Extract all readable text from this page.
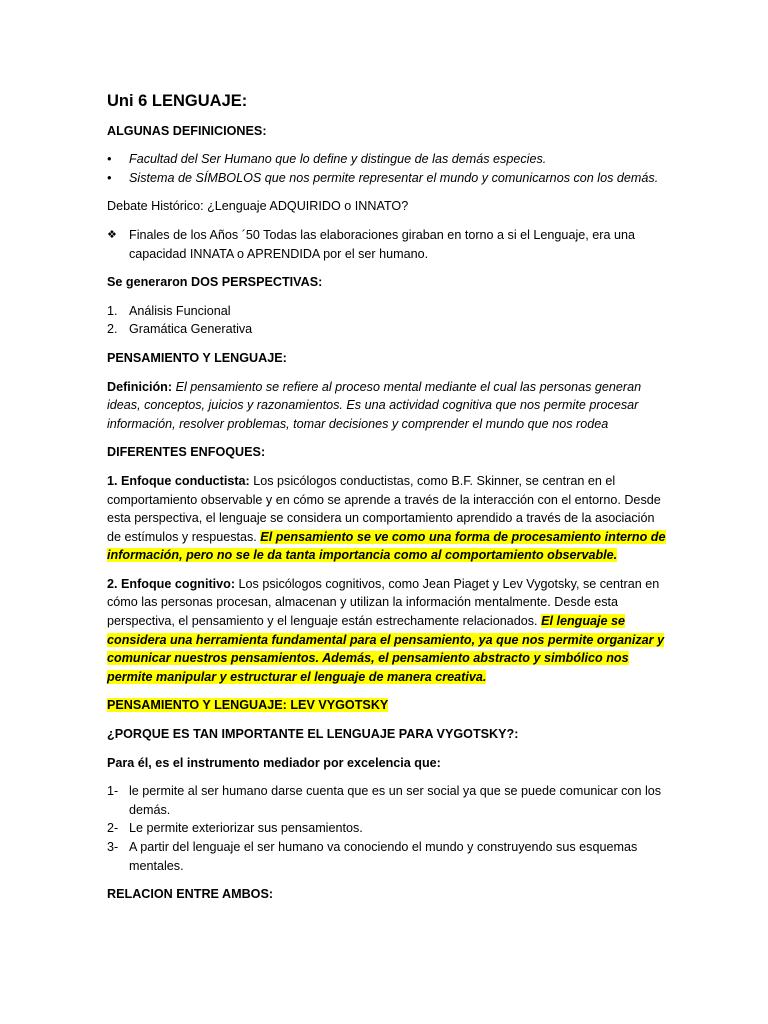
Uni 6 LENGUAJE:

ALGUNAS DEFINICIONES:

• Facultad del Ser Humano que lo define y distingue de las demás especies.
• Sistema de SÍMBOLOS que nos permite representar el mundo y comunicarnos con los demás.

Debate Histórico: ¿Lenguaje ADQUIRIDO o INNATO?

❖ Finales de los Años ´50 Todas las elaboraciones giraban en torno a si el Lenguaje, era una capacidad INNATA o APRENDIDA por el ser humano.

Se generaron DOS PERSPECTIVAS:

1. Análisis Funcional
2. Gramática Generativa

PENSAMIENTO Y LENGUAJE:

Definición: El pensamiento se refiere al proceso mental mediante el cual las personas generan ideas, conceptos, juicios y razonamientos. Es una actividad cognitiva que nos permite procesar información, resolver problemas, tomar decisiones y comprender el mundo que nos rodea

DIFERENTES ENFOQUES:

1. Enfoque conductista: Los psicólogos conductistas, como B.F. Skinner, se centran en el comportamiento observable y en cómo se aprende a través de la interacción con el entorno. Desde esta perspectiva, el lenguaje se considera un comportamiento aprendido a través de la asociación de estímulos y respuestas. El pensamiento se ve como una forma de procesamiento interno de información, pero no se le da tanta importancia como al comportamiento observable.

2. Enfoque cognitivo: Los psicólogos cognitivos, como Jean Piaget y Lev Vygotsky, se centran en cómo las personas procesan, almacenan y utilizan la información mentalmente. Desde esta perspectiva, el pensamiento y el lenguaje están estrechamente relacionados. El lenguaje se considera una herramienta fundamental para el pensamiento, ya que nos permite organizar y comunicar nuestros pensamientos. Además, el pensamiento abstracto y simbólico nos permite manipular y estructurar el lenguaje de manera creativa.

PENSAMIENTO Y LENGUAJE: LEV VYGOTSKY

¿PORQUE ES TAN IMPORTANTE EL LENGUAJE PARA VYGOTSKY?:

Para él, es el instrumento mediador por excelencia que:

1- le permite al ser humano darse cuenta que es un ser social ya que se puede comunicar con los demás.
2- Le permite exteriorizar sus pensamientos.
3- A partir del lenguaje el ser humano va conociendo el mundo y construyendo sus esquemas mentales.

RELACION ENTRE AMBOS:
